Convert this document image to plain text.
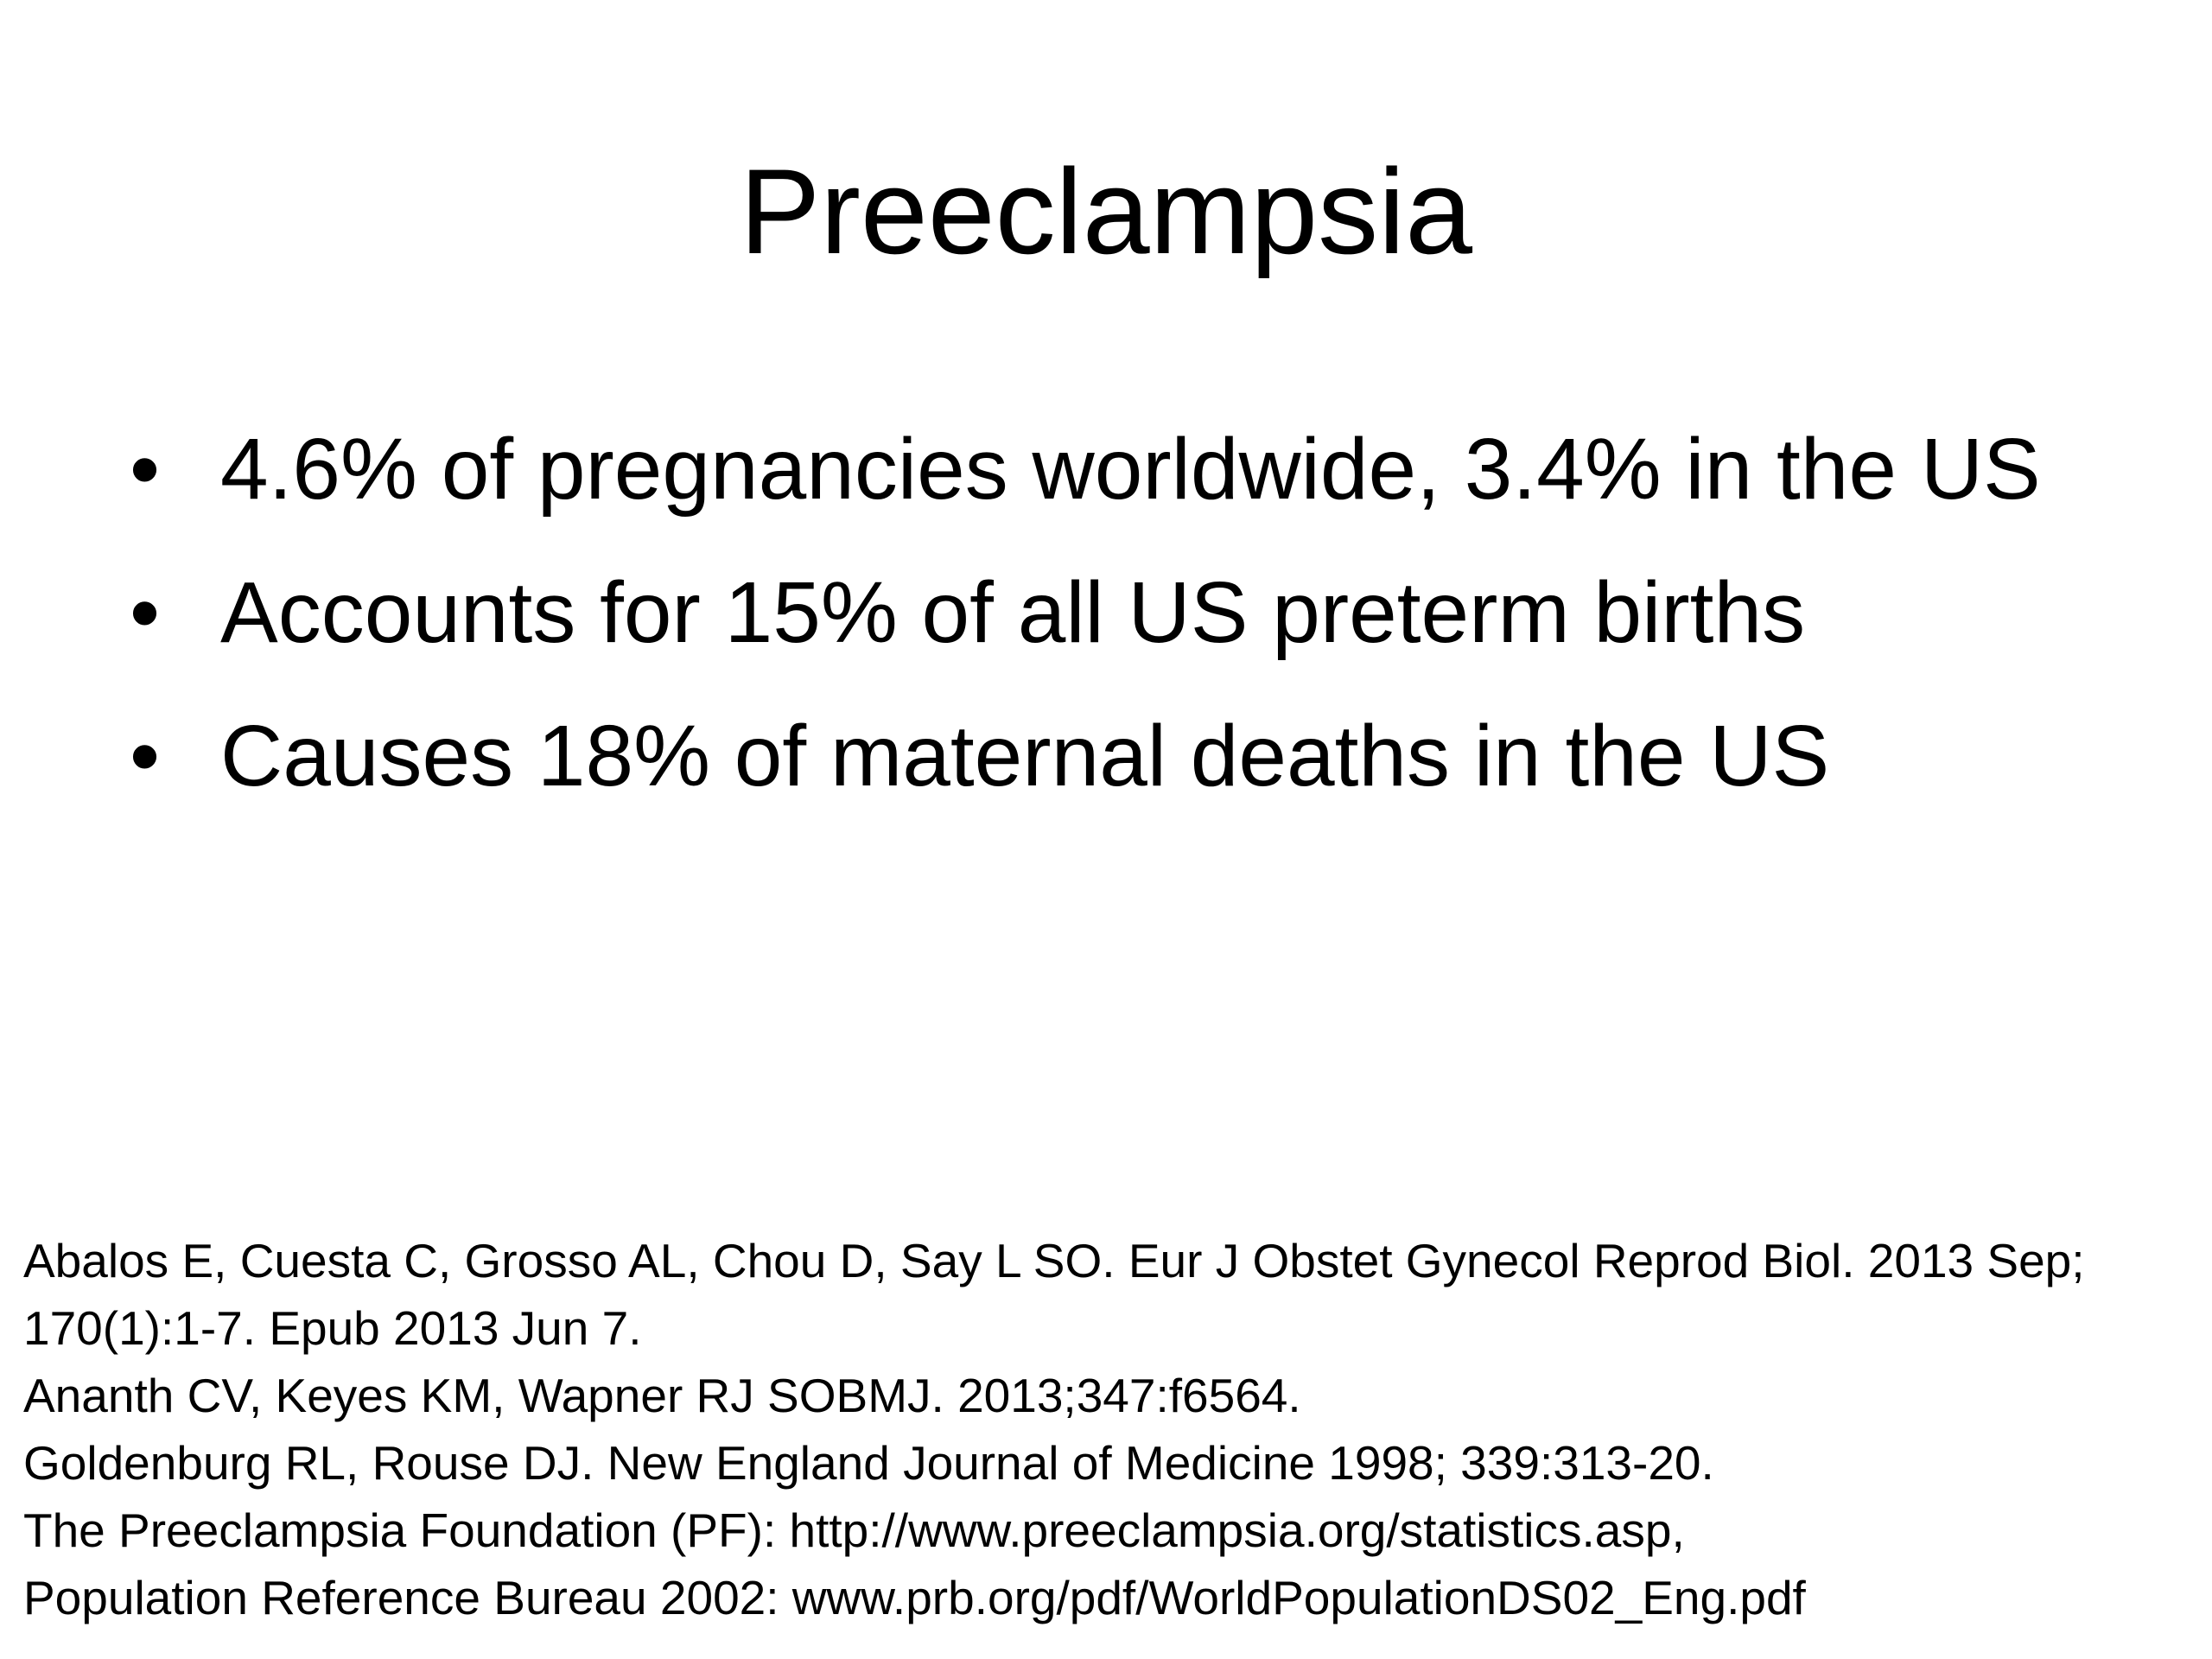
Preeclampsia
• 4.6% of pregnancies worldwide, 3.4% in the US
• Accounts for 15% of all US preterm births
• Causes 18% of maternal deaths in the US
Abalos E, Cuesta C, Grosso AL, Chou D, Say L SO. Eur J Obstet Gynecol Reprod Biol. 2013 Sep;
170(1):1-7. Epub 2013 Jun 7.
Ananth CV, Keyes KM, Wapner RJ SOBMJ. 2013;347:f6564.
Goldenburg RL, Rouse DJ. New England Journal of Medicine 1998; 339:313-20.
The Preeclampsia Foundation (PF): http://www.preeclampsia.org/statistics.asp,
Population Reference Bureau 2002: www.prb.org/pdf/WorldPopulationDS02_Eng.pdf
